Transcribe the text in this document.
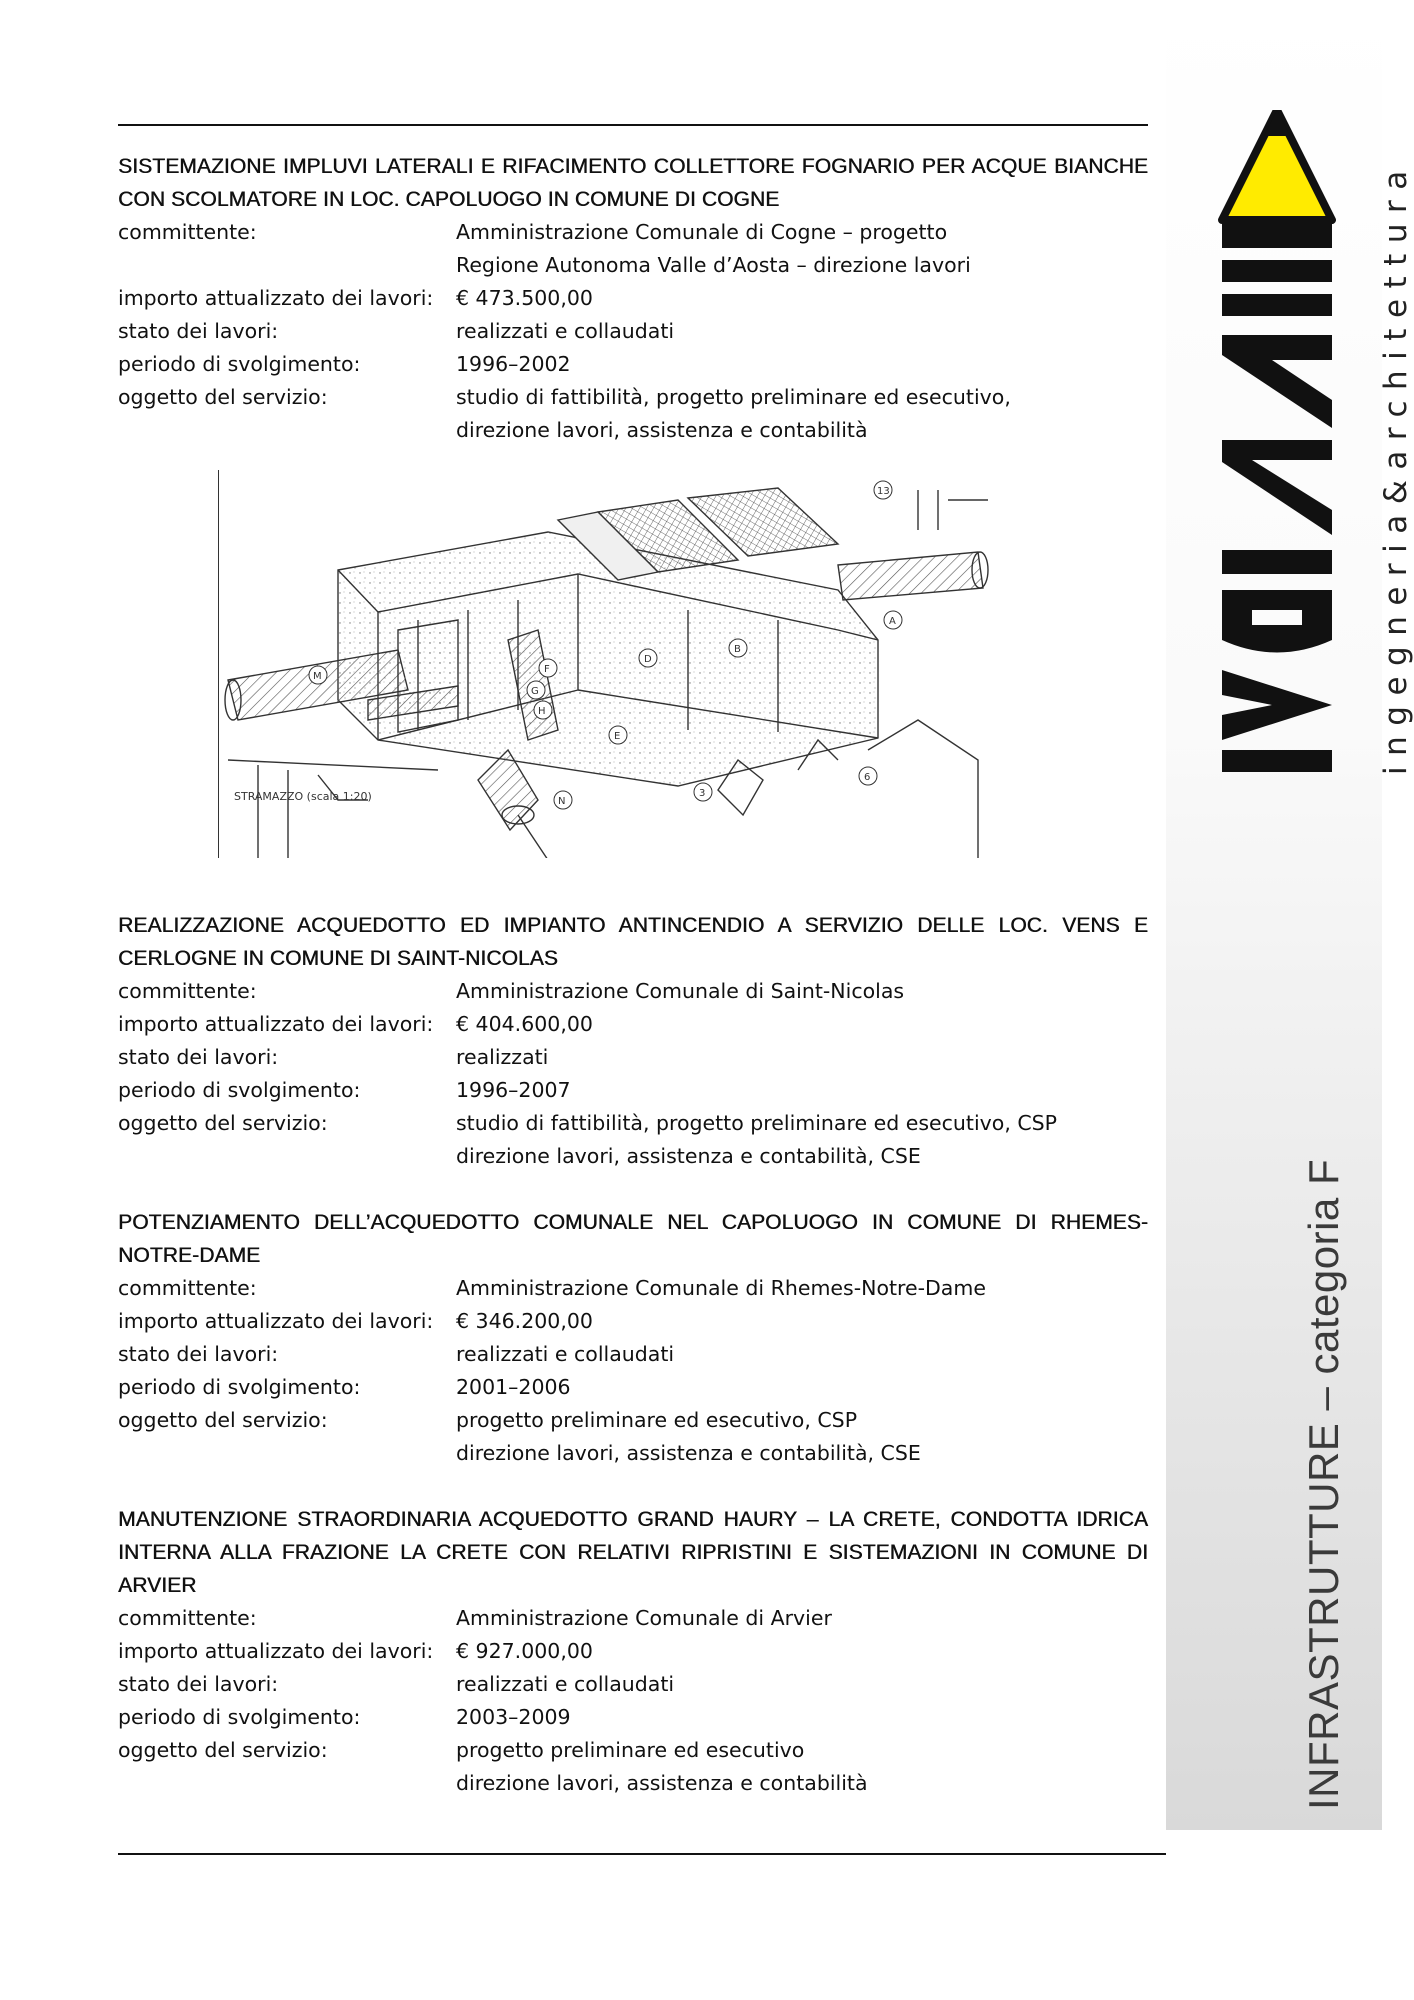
SISTEMAZIONE IMPLUVI LATERALI E RIFACIMENTO COLLETTORE FOGNARIO PER ACQUE BIANCHE CON SCOLMATORE IN LOC. CAPOLUOGO IN COMUNE DI COGNE
committente:	Amministrazione Comunale di Cogne – progetto
Regione Autonoma Valle d’Aosta – direzione lavori
importo attualizzato dei lavori:	€ 473.500,00
stato dei lavori:	realizzati e collaudati
periodo di svolgimento:	1996–2002
oggetto del servizio:	studio di fattibilità, progetto preliminare ed esecutivo,
direzione lavori, assistenza e contabilità
REALIZZAZIONE ACQUEDOTTO ED IMPIANTO ANTINCENDIO A SERVIZIO DELLE LOC. VENS E CERLOGNE IN COMUNE DI SAINT-NICOLAS
committente:	Amministrazione Comunale di Saint-Nicolas
importo attualizzato dei lavori:	€ 404.600,00
stato dei lavori:	realizzati
periodo di svolgimento:	1996–2007
oggetto del servizio:	studio di fattibilità, progetto preliminare ed esecutivo, CSP
direzione lavori, assistenza e contabilità, CSE
POTENZIAMENTO DELL’ACQUEDOTTO COMUNALE NEL CAPOLUOGO IN COMUNE DI RHEMES-NOTRE-DAME
committente:	Amministrazione Comunale di Rhemes-Notre-Dame
importo attualizzato dei lavori:	€ 346.200,00
stato dei lavori:	realizzati e collaudati
periodo di svolgimento:	2001–2006
oggetto del servizio:	progetto preliminare ed esecutivo, CSP
direzione lavori, assistenza e contabilità, CSE
MANUTENZIONE STRAORDINARIA ACQUEDOTTO GRAND HAURY – LA CRETE, CONDOTTA IDRICA INTERNA ALLA FRAZIONE LA CRETE CON RELATIVI RIPRISTINI E SISTEMAZIONI IN COMUNE DI ARVIER
committente:	Amministrazione Comunale di Arvier
importo attualizzato dei lavori:	€ 927.000,00
stato dei lavori:	realizzati e collaudati
periodo di svolgimento:	2003–2009
oggetto del servizio:	progetto preliminare ed esecutivo
direzione lavori, assistenza e contabilità
13
A
B
D
E
F
G
H
M
N
3
6
STRAMAZZO (scala 1:20)
ABITARE
ingegneria&architettura
INFRASTRUTTURE – categoria F
